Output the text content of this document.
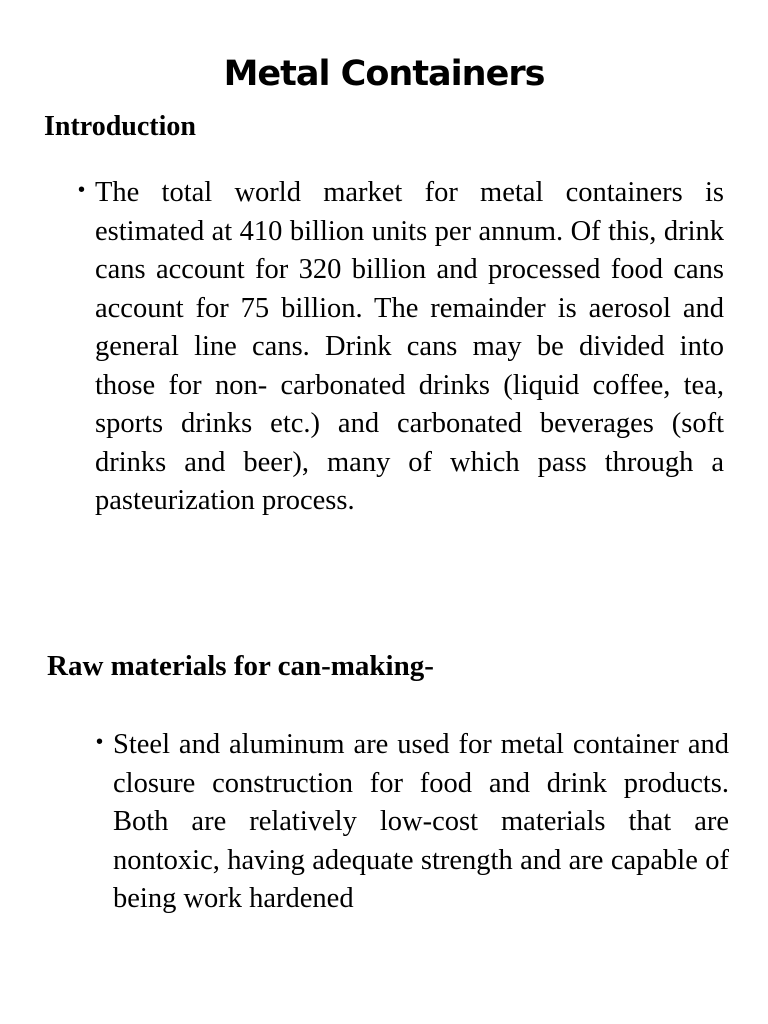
Metal Containers
Introduction
• The total world market for metal containers is estimated at 410 billion units per annum. Of this, drink cans account for 320 billion and processed food cans account for 75 billion. The remainder is aerosol and general line cans. Drink cans may be divided into those for non- carbonated drinks (liquid coffee, tea, sports drinks etc.) and carbonated beverages (soft drinks and beer), many of which pass through a pasteurization process.
Raw materials for can-making-
• Steel and aluminum are used for metal container and closure construction for food and drink products. Both are relatively low-cost materials that are nontoxic, having adequate strength and are capable of being work hardened
